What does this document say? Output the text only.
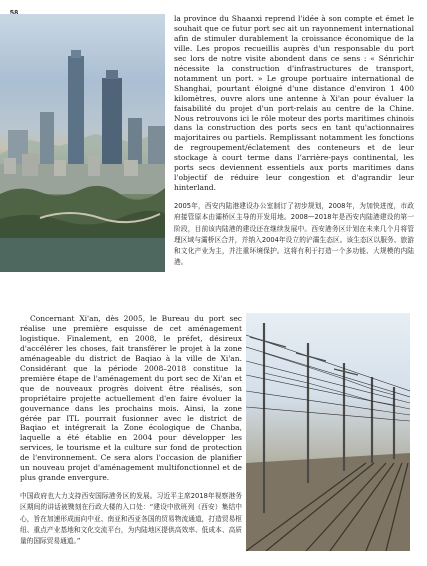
la province du Shaanxi reprend l'idée à son compte et émet le souhait que ce futur port sec ait un rayonnement international afin de stimuler durablement la croissance économique de la ville. Les propos recueillis auprès d'un responsable du port sec lors de notre visite abondent dans ce sens : « Sénrichir nécessite la construction d'infrastructures de transport, notamment un port. » Le groupe portuaire international de Shanghai, pourtant éloigné d'une distance d'environ 1 400 kilomètres, ouvre alors une antenne à Xi'an pour évaluer la faisabilité du projet d'un port-relais au centre de la Chine. Nous retrouvons ici le rôle moteur des ports maritimes chinois dans la construction des ports secs en tant qu'actionnaires majoritaires ou partiels. Remplissant notamment les fonctions de regroupement/éclatement des conteneurs et de leur stockage à court terme dans l'arrière-pays continental, les ports secs deviennent essentiels aux ports maritimes dans l'objectif de réduire leur congestion et d'agrandir leur hinterland.

2005年，西安内陆港建设办公室制订了初步规划，2008年，为加快进度，市政府接管原本由灞桥区主导的开发用地。2008—2018年是西安内陆港建设的第一阶段，目前该内陆港的建设还在继续发展中。西安港务区计划在未来几个月将管理区域与灞桥区合并，并纳入2004年设立的浐灞生态区。该生态区以服务、旅游和文化产业为主，并注重环境保护。这将有利于打造一个多功能、大规模的内陆港。

Concernant Xi'an, dès 2005, le Bureau du port sec réalise une première esquisse de cet aménagement logistique. Finalement, en 2008, le préfet, désireux d'accélérer les choses, fait transférer le projet à la zone aménageable du district de Baqiao à la ville de Xi'an. Considérant que la période 2008–2018 constitue la première étape de l'aménagement du port sec de Xi'an et que de nouveaux progrès doivent être réalisés, son propriétaire projette actuellement d'en faire évoluer la gouvernance dans les prochains mois. Ainsi, la zone gérée par ITL pourrait fusionner avec le district de Baqiao et intégrerait la Zone écologique de Chanba, laquelle a été établie en 2004 pour développer les services, le tourisme et la culture sur fond de protection de l'environnement. Ce sera alors l'occasion de planifier un nouveau projet d'aménagement multifonctionnel et de plus grande envergure.

中国政府也大力支持西安国际港务区的发展。习近平主席2018年视察港务区期间的讲话被镌刻在行政大楼的入口处：“建设中欧班列（西安）集结中心，旨在加速形成面向中亚、南亚和西亚各国的贸易物流通道，打造贸易枢纽、重点产业基地和文化交流平台，为内陆地区提供高效率、低成本、高质量的国际贸易通道。”
